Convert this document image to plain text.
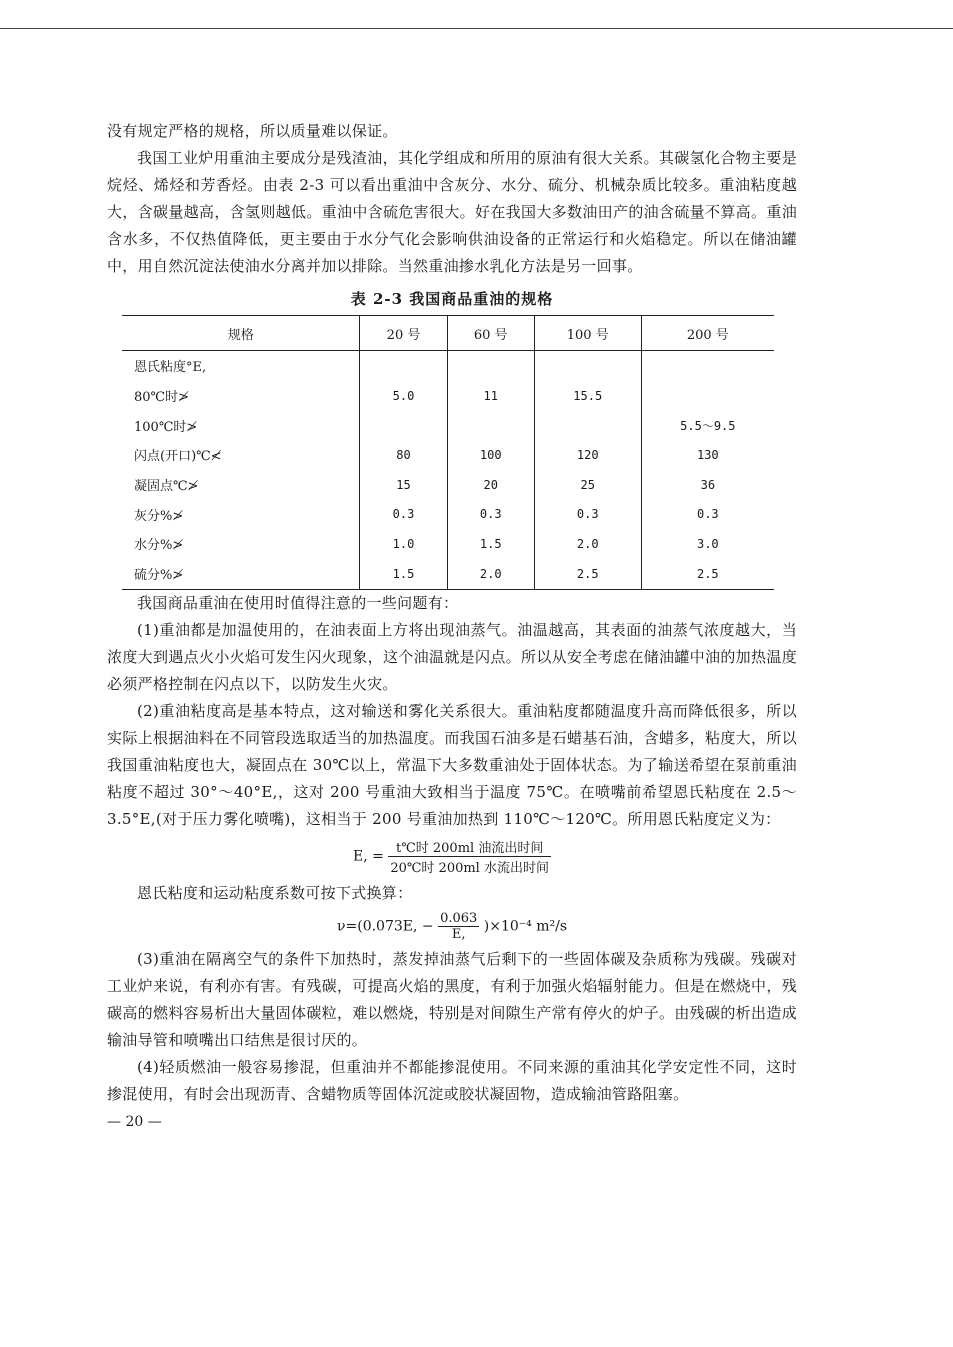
没有规定严格的规格，所以质量难以保证。

我国工业炉用重油主要成分是残渣油，其化学组成和所用的原油有很大关系。其碳氢化合物主要是烷烃、烯烃和芳香烃。由表 2-3 可以看出重油中含灰分、水分、硫分、机械杂质比较多。重油粘度越大，含碳量越高，含氢则越低。重油中含硫危害很大。好在我国大多数油田产的油含硫量不算高。重油含水多，不仅热值降低，更主要由于水分气化会影响供油设备的正常运行和火焰稳定。所以在储油罐中，用自然沉淀法使油水分离并加以排除。当然重油掺水乳化方法是另一回事。

表 2-3 我国商品重油的规格
规格	20 号	60 号	100 号	200 号
恩氏粘度°E,				
80℃时≯	5.0	11	15.5	
100℃时≯				5.5～9.5
闪点(开口)℃≮	80	100	120	130
凝固点℃≯	15	20	25	36
灰分%≯	0.3	0.3	0.3	0.3
水分%≯	1.0	1.5	2.0	3.0
硫分%≯	1.5	2.0	2.5	2.5

我国商品重油在使用时值得注意的一些问题有：

(1)重油都是加温使用的，在油表面上方将出现油蒸气。油温越高，其表面的油蒸气浓度越大，当浓度大到遇点火小火焰可发生闪火现象，这个油温就是闪点。所以从安全考虑在储油罐中油的加热温度必须严格控制在闪点以下，以防发生火灾。

(2)重油粘度高是基本特点，这对输送和雾化关系很大。重油粘度都随温度升高而降低很多，所以实际上根据油料在不同管段选取适当的加热温度。而我国石油多是石蜡基石油，含蜡多，粘度大，所以我国重油粘度也大，凝固点在 30℃以上，常温下大多数重油处于固体状态。为了输送希望在泵前重油粘度不超过 30°～40°E,，这对 200 号重油大致相当于温度 75℃。在喷嘴前希望恩氏粘度在 2.5～3.5°E,(对于压力雾化喷嘴)，这相当于 200 号重油加热到 110℃～120℃。所用恩氏粘度定义为：

E, = $\frac{\text{t℃时 200ml 油流出时间}}{\text{20℃时 200ml 水流出时间}}$

恩氏粘度和运动粘度系数可按下式换算：

ν=(0.073E, − $\frac{0.063}{E,} )\times 10^{-4}$ m²/s

(3)重油在隔离空气的条件下加热时，蒸发掉油蒸气后剩下的一些固体碳及杂质称为残碳。残碳对工业炉来说，有利亦有害。有残碳，可提高火焰的黑度，有利于加强火焰辐射能力。但是在燃烧中，残碳高的燃料容易析出大量固体碳粒，难以燃烧，特别是对间隙生产常有停火的炉子。由残碳的析出造成输油导管和喷嘴出口结焦是很讨厌的。

(4)轻质燃油一般容易掺混，但重油并不都能掺混使用。不同来源的重油其化学安定性不同，这时掺混使用，有时会出现沥青、含蜡物质等固体沉淀或胶状凝固物，造成输油管路阻塞。

— 20 —
